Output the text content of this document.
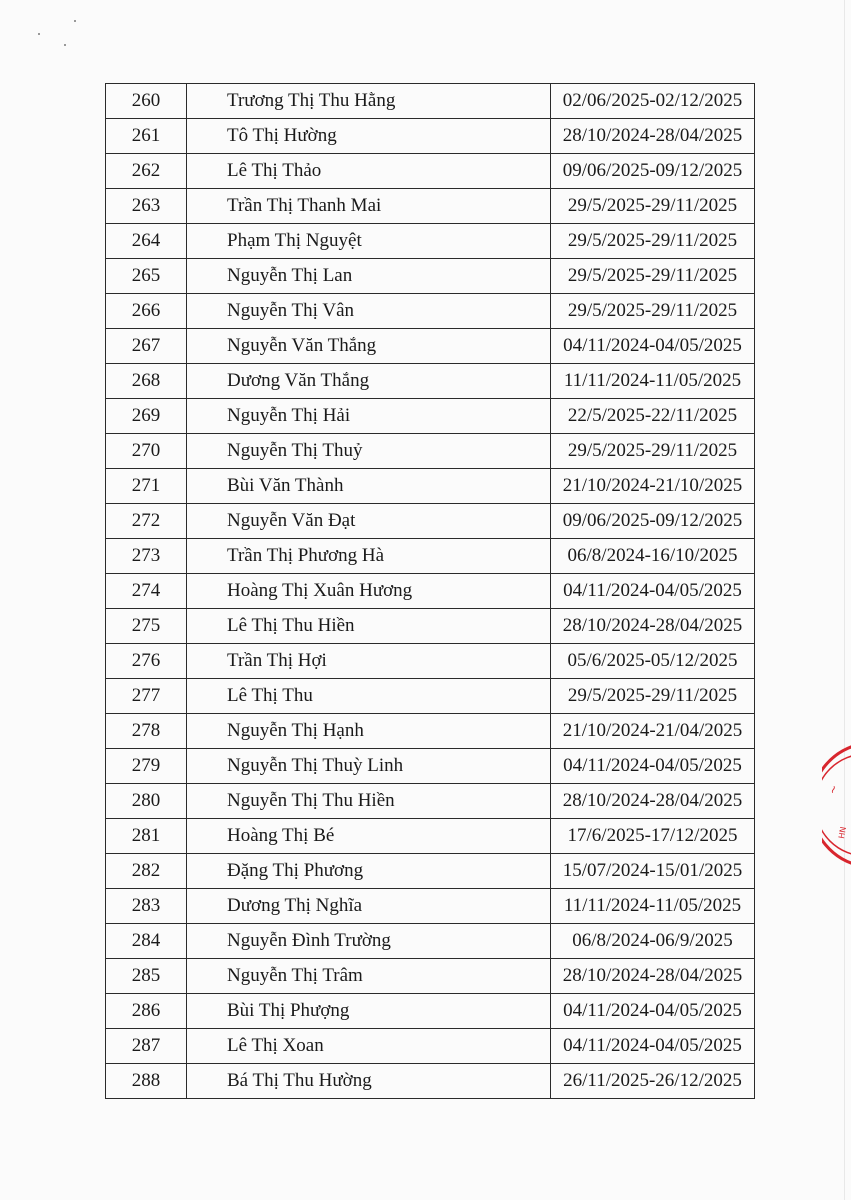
260	Trương Thị Thu Hằng	02/06/2025-02/12/2025
261	Tô Thị Hường	28/10/2024-28/04/2025
262	Lê Thị Thảo	09/06/2025-09/12/2025
263	Trần Thị Thanh Mai	29/5/2025-29/11/2025
264	Phạm Thị Nguyệt	29/5/2025-29/11/2025
265	Nguyễn Thị Lan	29/5/2025-29/11/2025
266	Nguyễn Thị Vân	29/5/2025-29/11/2025
267	Nguyễn Văn Thắng	04/11/2024-04/05/2025
268	Dương Văn Thắng	11/11/2024-11/05/2025
269	Nguyễn Thị Hải	22/5/2025-22/11/2025
270	Nguyễn Thị Thuỷ	29/5/2025-29/11/2025
271	Bùi Văn Thành	21/10/2024-21/10/2025
272	Nguyễn Văn Đạt	09/06/2025-09/12/2025
273	Trần Thị Phương Hà	06/8/2024-16/10/2025
274	Hoàng Thị Xuân Hương	04/11/2024-04/05/2025
275	Lê Thị Thu Hiền	28/10/2024-28/04/2025
276	Trần Thị Hợi	05/6/2025-05/12/2025
277	Lê Thị Thu	29/5/2025-29/11/2025
278	Nguyễn Thị Hạnh	21/10/2024-21/04/2025
279	Nguyễn Thị Thuỳ Linh	04/11/2024-04/05/2025
280	Nguyễn Thị Thu Hiền	28/10/2024-28/04/2025
281	Hoàng Thị Bé	17/6/2025-17/12/2025
282	Đặng Thị Phương	15/07/2024-15/01/2025
283	Dương Thị Nghĩa	11/11/2024-11/05/2025
284	Nguyễn Đình Trường	06/8/2024-06/9/2025
285	Nguyễn Thị Trâm	28/10/2024-28/04/2025
286	Bùi Thị Phượng	04/11/2024-04/05/2025
287	Lê Thị Xoan	04/11/2024-04/05/2025
288	Bá Thị Thu Hường	26/11/2025-26/12/2025
~
HN
